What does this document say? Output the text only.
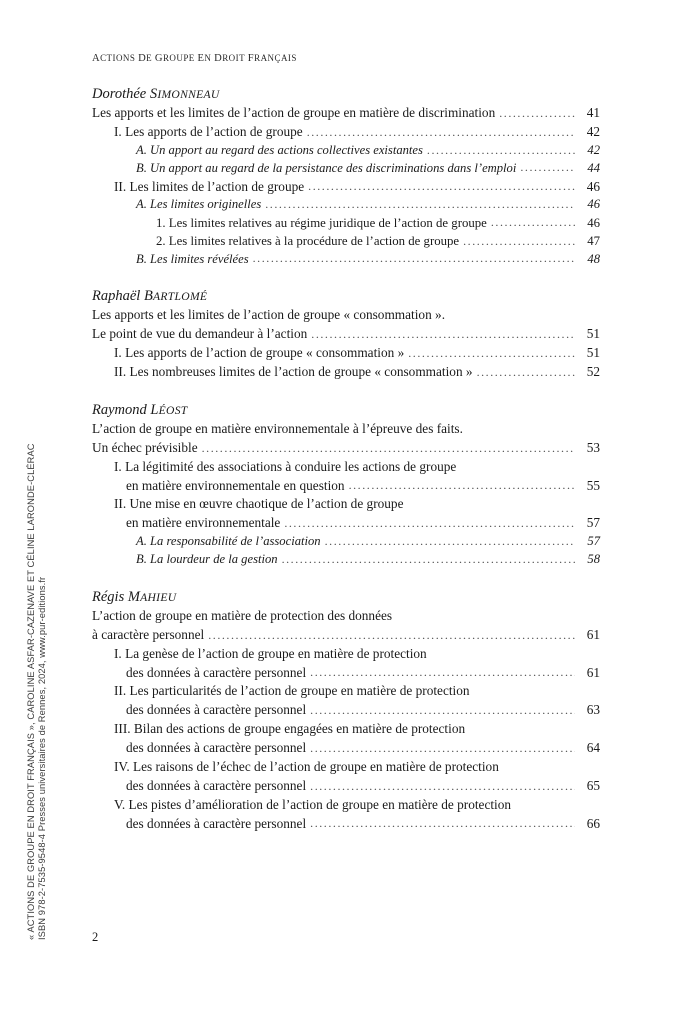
ACTIONS DE GROUPE EN DROIT FRANÇAIS
Dorothée SIMONNEAU
Les apports et les limites de l’action de groupe en matière de discrimination .....	41
I. Les apports de l’action de groupe .....	42
A. Un apport au regard des actions collectives existantes .....	42
B. Un apport au regard de la persistance des discriminations dans l’emploi .....	44
II. Les limites de l’action de groupe .....	46
A. Les limites originelles .....	46
1. Les limites relatives au régime juridique de l’action de groupe .....	46
2. Les limites relatives à la procédure de l’action de groupe .....	47
B. Les limites révélées .....	48
Raphaël BARTLOMÉ
Les apports et les limites de l’action de groupe « consommation ».
Le point de vue du demandeur à l’action .....	51
I. Les apports de l’action de groupe « consommation » .....	51
II. Les nombreuses limites de l’action de groupe « consommation » .....	52
Raymond LÉOST
L’action de groupe en matière environnementale à l’épreuve des faits.
Un échec prévisible .....	53
I. La légitimité des associations à conduire les actions de groupe
en matière environnementale en question .....	55
II. Une mise en œuvre chaotique de l’action de groupe
en matière environnementale .....	57
A. La responsabilité de l’association .....	57
B. La lourdeur de la gestion .....	58
Régis MAHIEU
L’action de groupe en matière de protection des données
à caractère personnel .....	61
I. La genèse de l’action de groupe en matière de protection
des données à caractère personnel .....	61
II. Les particularités de l’action de groupe en matière de protection
des données à caractère personnel .....	63
III. Bilan des actions de groupe engagées en matière de protection
des données à caractère personnel .....	64
IV. Les raisons de l’échec de l’action de groupe en matière de protection
des données à caractère personnel .....	65
V. Les pistes d’amélioration de l’action de groupe en matière de protection
des données à caractère personnel .....	66
2
« ACTIONS DE GROUPE EN DROIT FRANÇAIS », CAROLINE ASFAR-CAZENAVE ET CÉLINE LARONDE-CLÉRAC ISBN 978-2-7535-9548-4 Presses universitaires de Rennes, 2024, www.pur-editions.fr
